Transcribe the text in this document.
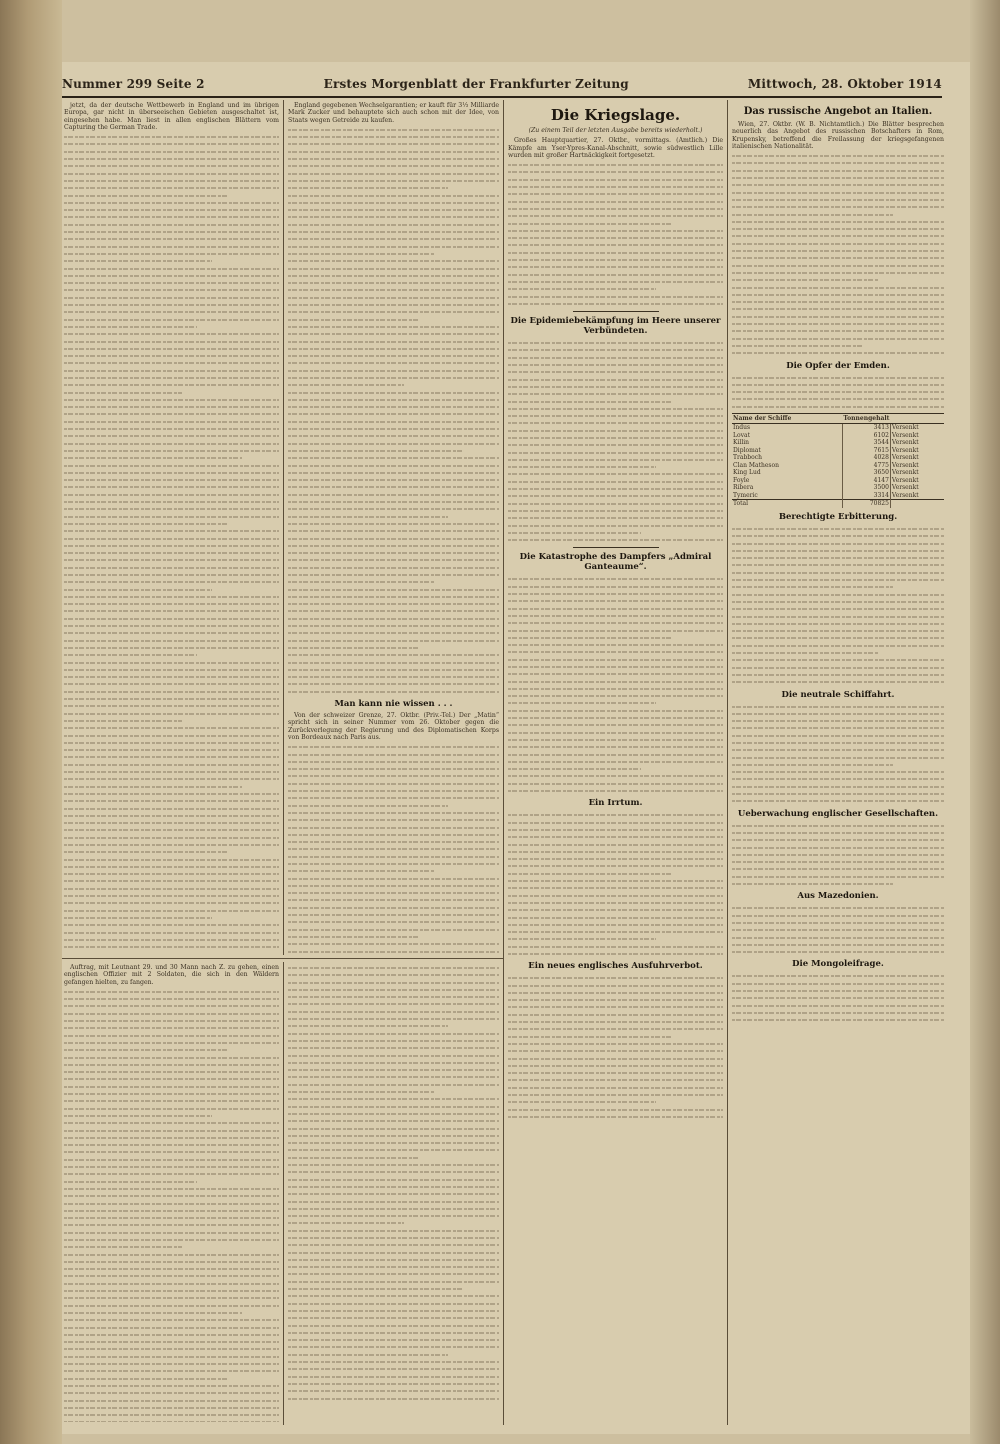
Nummer 299 Seite 2	Erstes Morgenblatt der Frankfurter Zeitung	Mittwoch, 28. Oktober 1914

jetzt, da der deutsche Wettbewerb in England und im übrigen Europa, gar nicht in überseeischen Gebieten ausgeschaltet ist, eingesehen habe. Man liest in allen englischen Blättern vom Capturing the German Trade.

England gegebenen Wechselgarantien; er kauft für 3⅓ Milliarde Mark Zucker und behauptete sich auch schon mit der Idee, von Staats wegen Getreide zu kaufen.

Man kann nie wissen . . .

Von der schweizer Grenze, 27. Oktbr. (Priv.-Tel.) Der „Matin“ spricht sich in seiner Nummer vom 26. Oktober gegen die Zurückverlegung der Regierung und des Diplomatischen Korps von Bordeaux nach Paris aus.

Die Kriegslage.
(Zu einem Teil der letzten Ausgabe bereits wiederholt.)

Großes Hauptquartier, 27. Oktbr., vormittags. (Amtlich.) Die Kämpfe am Yser-Ypres-Kanal-Abschnitt, sowie südwestlich Lille wurden mit großer Hartnäckigkeit fortgesetzt.

Die Epidemiebekämpfung im Heere unserer Verbündeten.
Die Katastrophe des Dampfers „Admiral Ganteaume“.
Ein Irrtum.
Ein neues englisches Ausfuhrverbot.
Das russische Angebot an Italien.

Wien, 27. Oktbr. (W. B. Nichtamtlich.) Die Blätter besprechen neuerlich das Angebot des russischen Botschafters in Rom, Krupensky, betreffend die Freilassung der kriegsgefangenen italienischen Nationalität.

Die Opfer der Emden.
Name der Schiffe	Tonnengehalt	
Indus	3413	Versenkt
Lovat	6102	Versenkt
Killin	3544	Versenkt
Diplomat	7615	Versenkt
Trabboch	4028	Versenkt
Clan Matheson	4775	Versenkt
King Lud	3650	Versenkt
Foyle	4147	Versenkt
Ribera	3500	Versenkt
Tymeric	3314	Versenkt
Total	70825	
Berechtigte Erbitterung.
Die neutrale Schiffahrt.
Ueberwachung englischer Gesellschaften.
Aus Mazedonien.
Die Mongoleifrage.

Auftrag, mit Leutnant 29. und 30 Mann nach Z. zu gehen, einen englischen Offizier mit 2 Soldaten, die sich in den Wäldern gefangen hielten, zu fangen.
